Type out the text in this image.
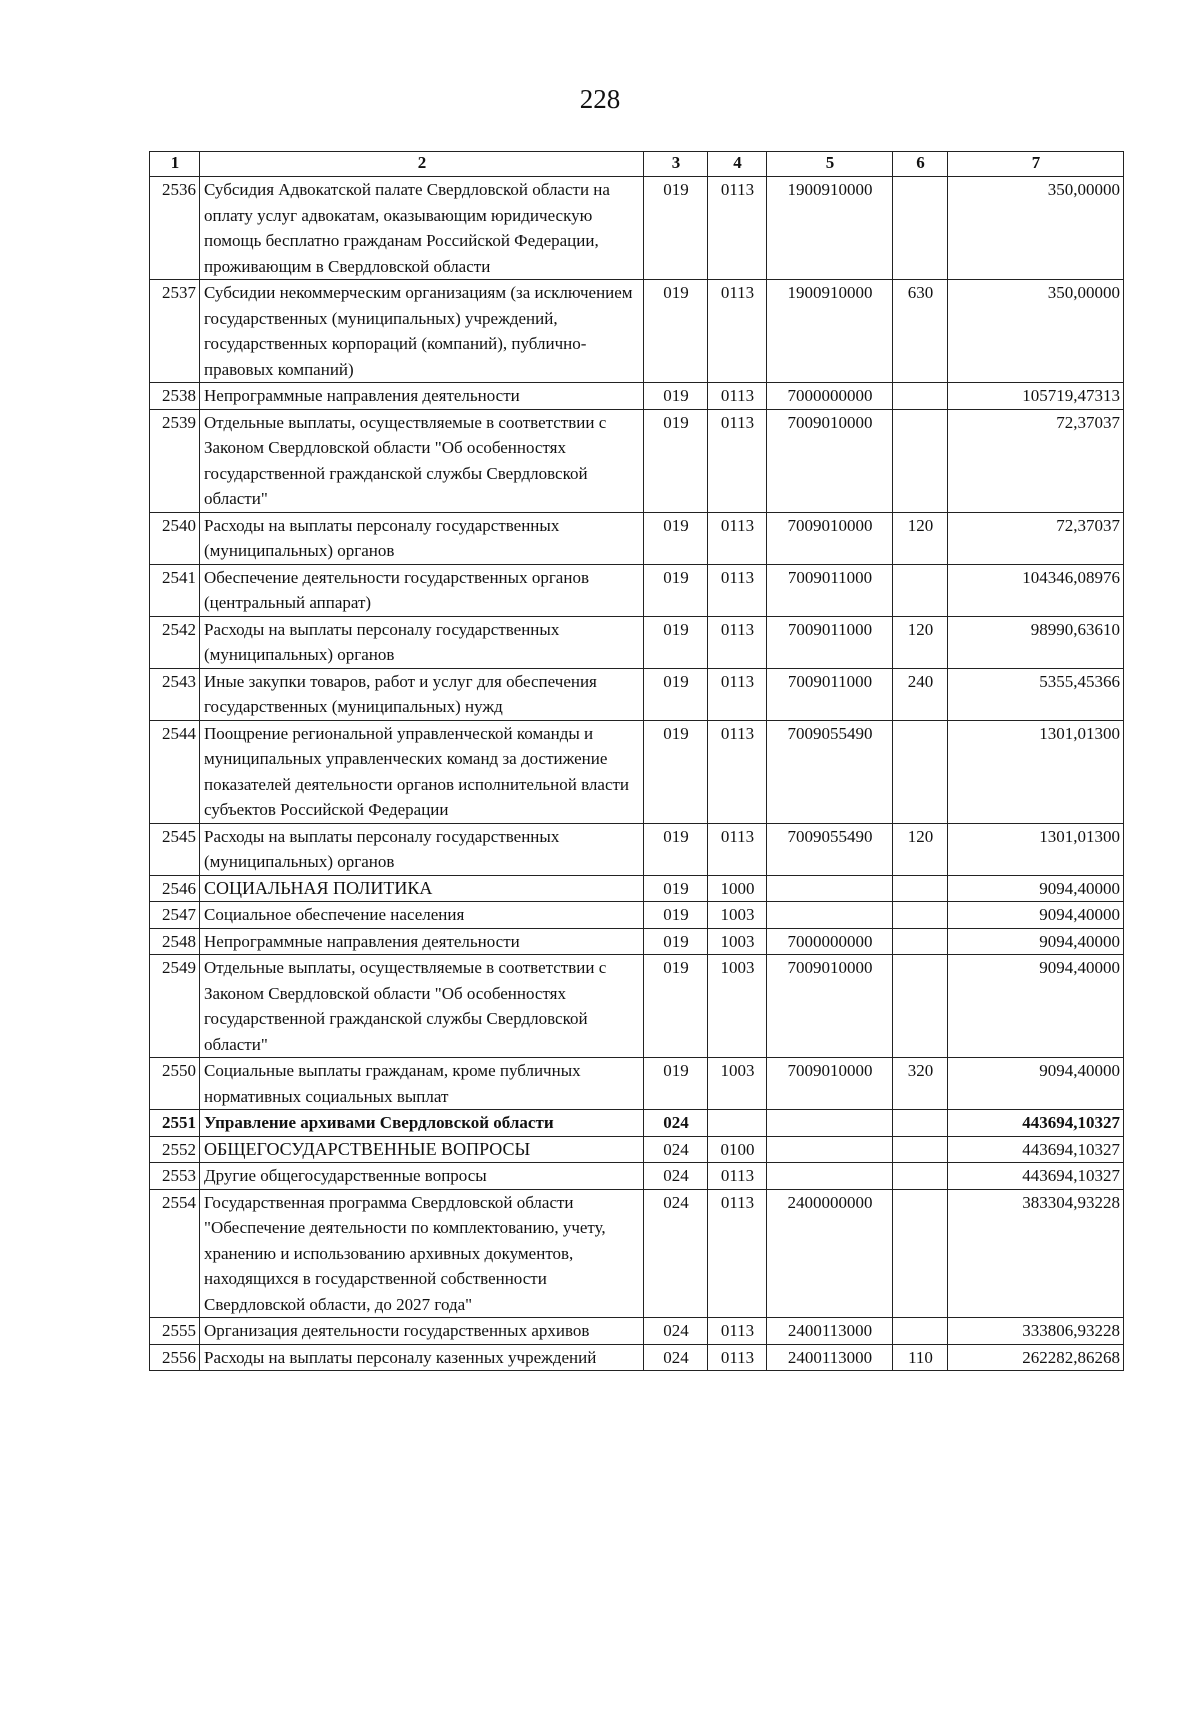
228
1	2	3	4	5	6	7
2536	Субсидия Адвокатской палате Свердловской области на оплату услуг адвокатам, оказывающим юридическую помощь бесплатно гражданам Российской Федерации, проживающим в Свердловской области	019	0113	1900910000		350,00000
2537	Субсидии некоммерческим организациям (за исключением государственных (муниципальных) учреждений, государственных корпораций (компаний), публично-правовых компаний)	019	0113	1900910000	630	350,00000
2538	Непрограммные направления деятельности	019	0113	7000000000		105719,47313
2539	Отдельные выплаты, осуществляемые в соответствии с Законом Свердловской области "Об особенностях государственной гражданской службы Свердловской области"	019	0113	7009010000		72,37037
2540	Расходы на выплаты персоналу государственных (муниципальных) органов	019	0113	7009010000	120	72,37037
2541	Обеспечение деятельности государственных органов (центральный аппарат)	019	0113	7009011000		104346,08976
2542	Расходы на выплаты персоналу государственных (муниципальных) органов	019	0113	7009011000	120	98990,63610
2543	Иные закупки товаров, работ и услуг для обеспечения государственных (муниципальных) нужд	019	0113	7009011000	240	5355,45366
2544	Поощрение региональной управленческой команды и муниципальных управленческих команд за достижение показателей деятельности органов исполнительной власти субъектов Российской Федерации	019	0113	7009055490		1301,01300
2545	Расходы на выплаты персоналу государственных (муниципальных) органов	019	0113	7009055490	120	1301,01300
2546	СОЦИАЛЬНАЯ ПОЛИТИКА	019	1000			9094,40000
2547	Социальное обеспечение населения	019	1003			9094,40000
2548	Непрограммные направления деятельности	019	1003	7000000000		9094,40000
2549	Отдельные выплаты, осуществляемые в соответствии с Законом Свердловской области "Об особенностях государственной гражданской службы Свердловской области"	019	1003	7009010000		9094,40000
2550	Социальные выплаты гражданам, кроме публичных нормативных социальных выплат	019	1003	7009010000	320	9094,40000
2551	Управление архивами Свердловской области	024				443694,10327
2552	ОБЩЕГОСУДАРСТВЕННЫЕ ВОПРОСЫ	024	0100			443694,10327
2553	Другие общегосударственные вопросы	024	0113			443694,10327
2554	Государственная программа Свердловской области "Обеспечение деятельности по комплектованию, учету, хранению и использованию архивных документов, находящихся в государственной собственности Свердловской области, до 2027 года"	024	0113	2400000000		383304,93228
2555	Организация деятельности государственных архивов	024	0113	2400113000		333806,93228
2556	Расходы на выплаты персоналу казенных учреждений	024	0113	2400113000	110	262282,86268
